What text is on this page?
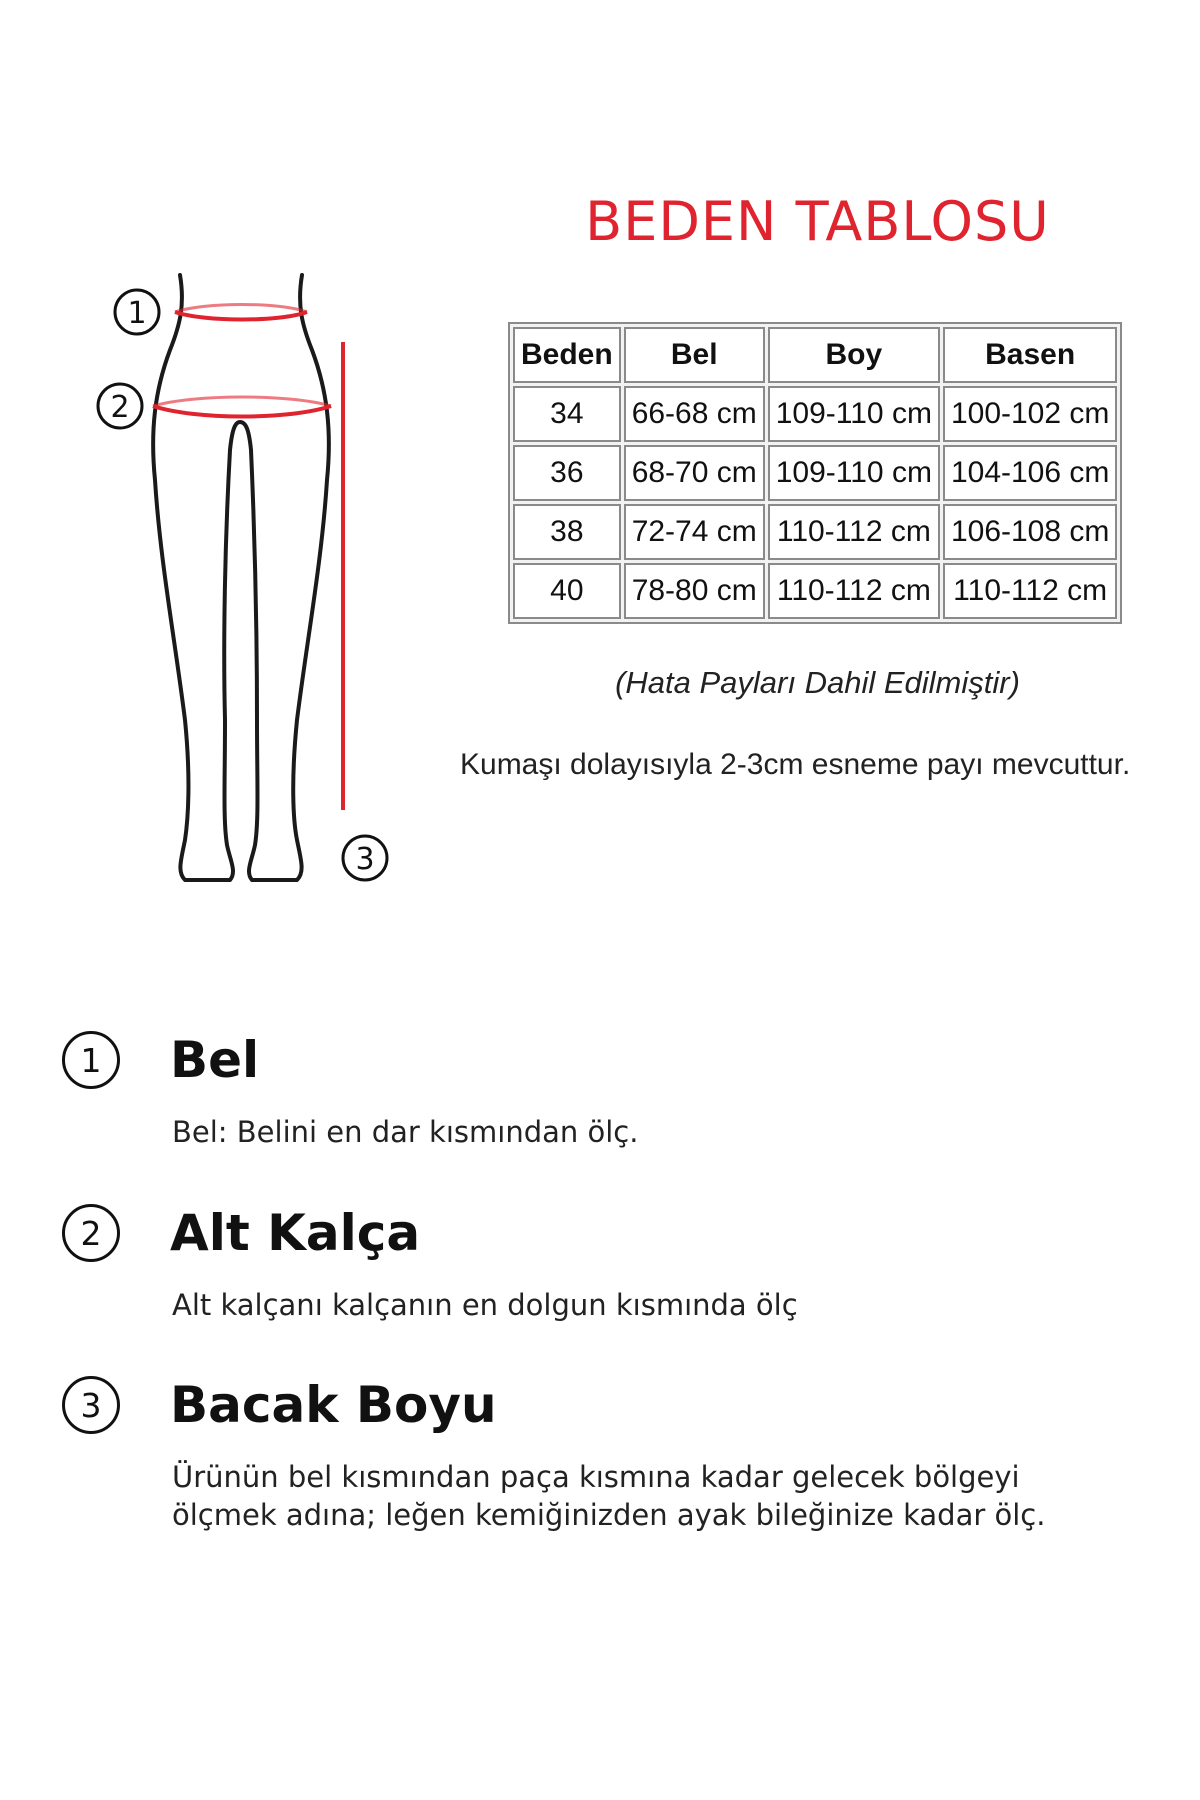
1
2
3
BEDEN TABLOSU
Beden	Bel	Boy	Basen
34	66-68 cm	109-110 cm	100-102 cm
36	68-70 cm	109-110 cm	104-106 cm
38	72-74 cm	110-112 cm	106-108 cm
40	78-80 cm	110-112 cm	110-112 cm
(Hata Payları Dahil Edilmiştir)
Kumaşı dolayısıyla 2-3cm esneme payı mevcuttur.
1	Bel
Bel: Belini en dar kısmından ölç.
2	Alt Kalça
Alt kalçanı kalçanın en dolgun kısmında ölç
3	Bacak Boyu
Ürünün bel kısmından paça kısmına kadar gelecek bölgeyi ölçmek adına; leğen kemiğinizden ayak bileğinize kadar ölç.
